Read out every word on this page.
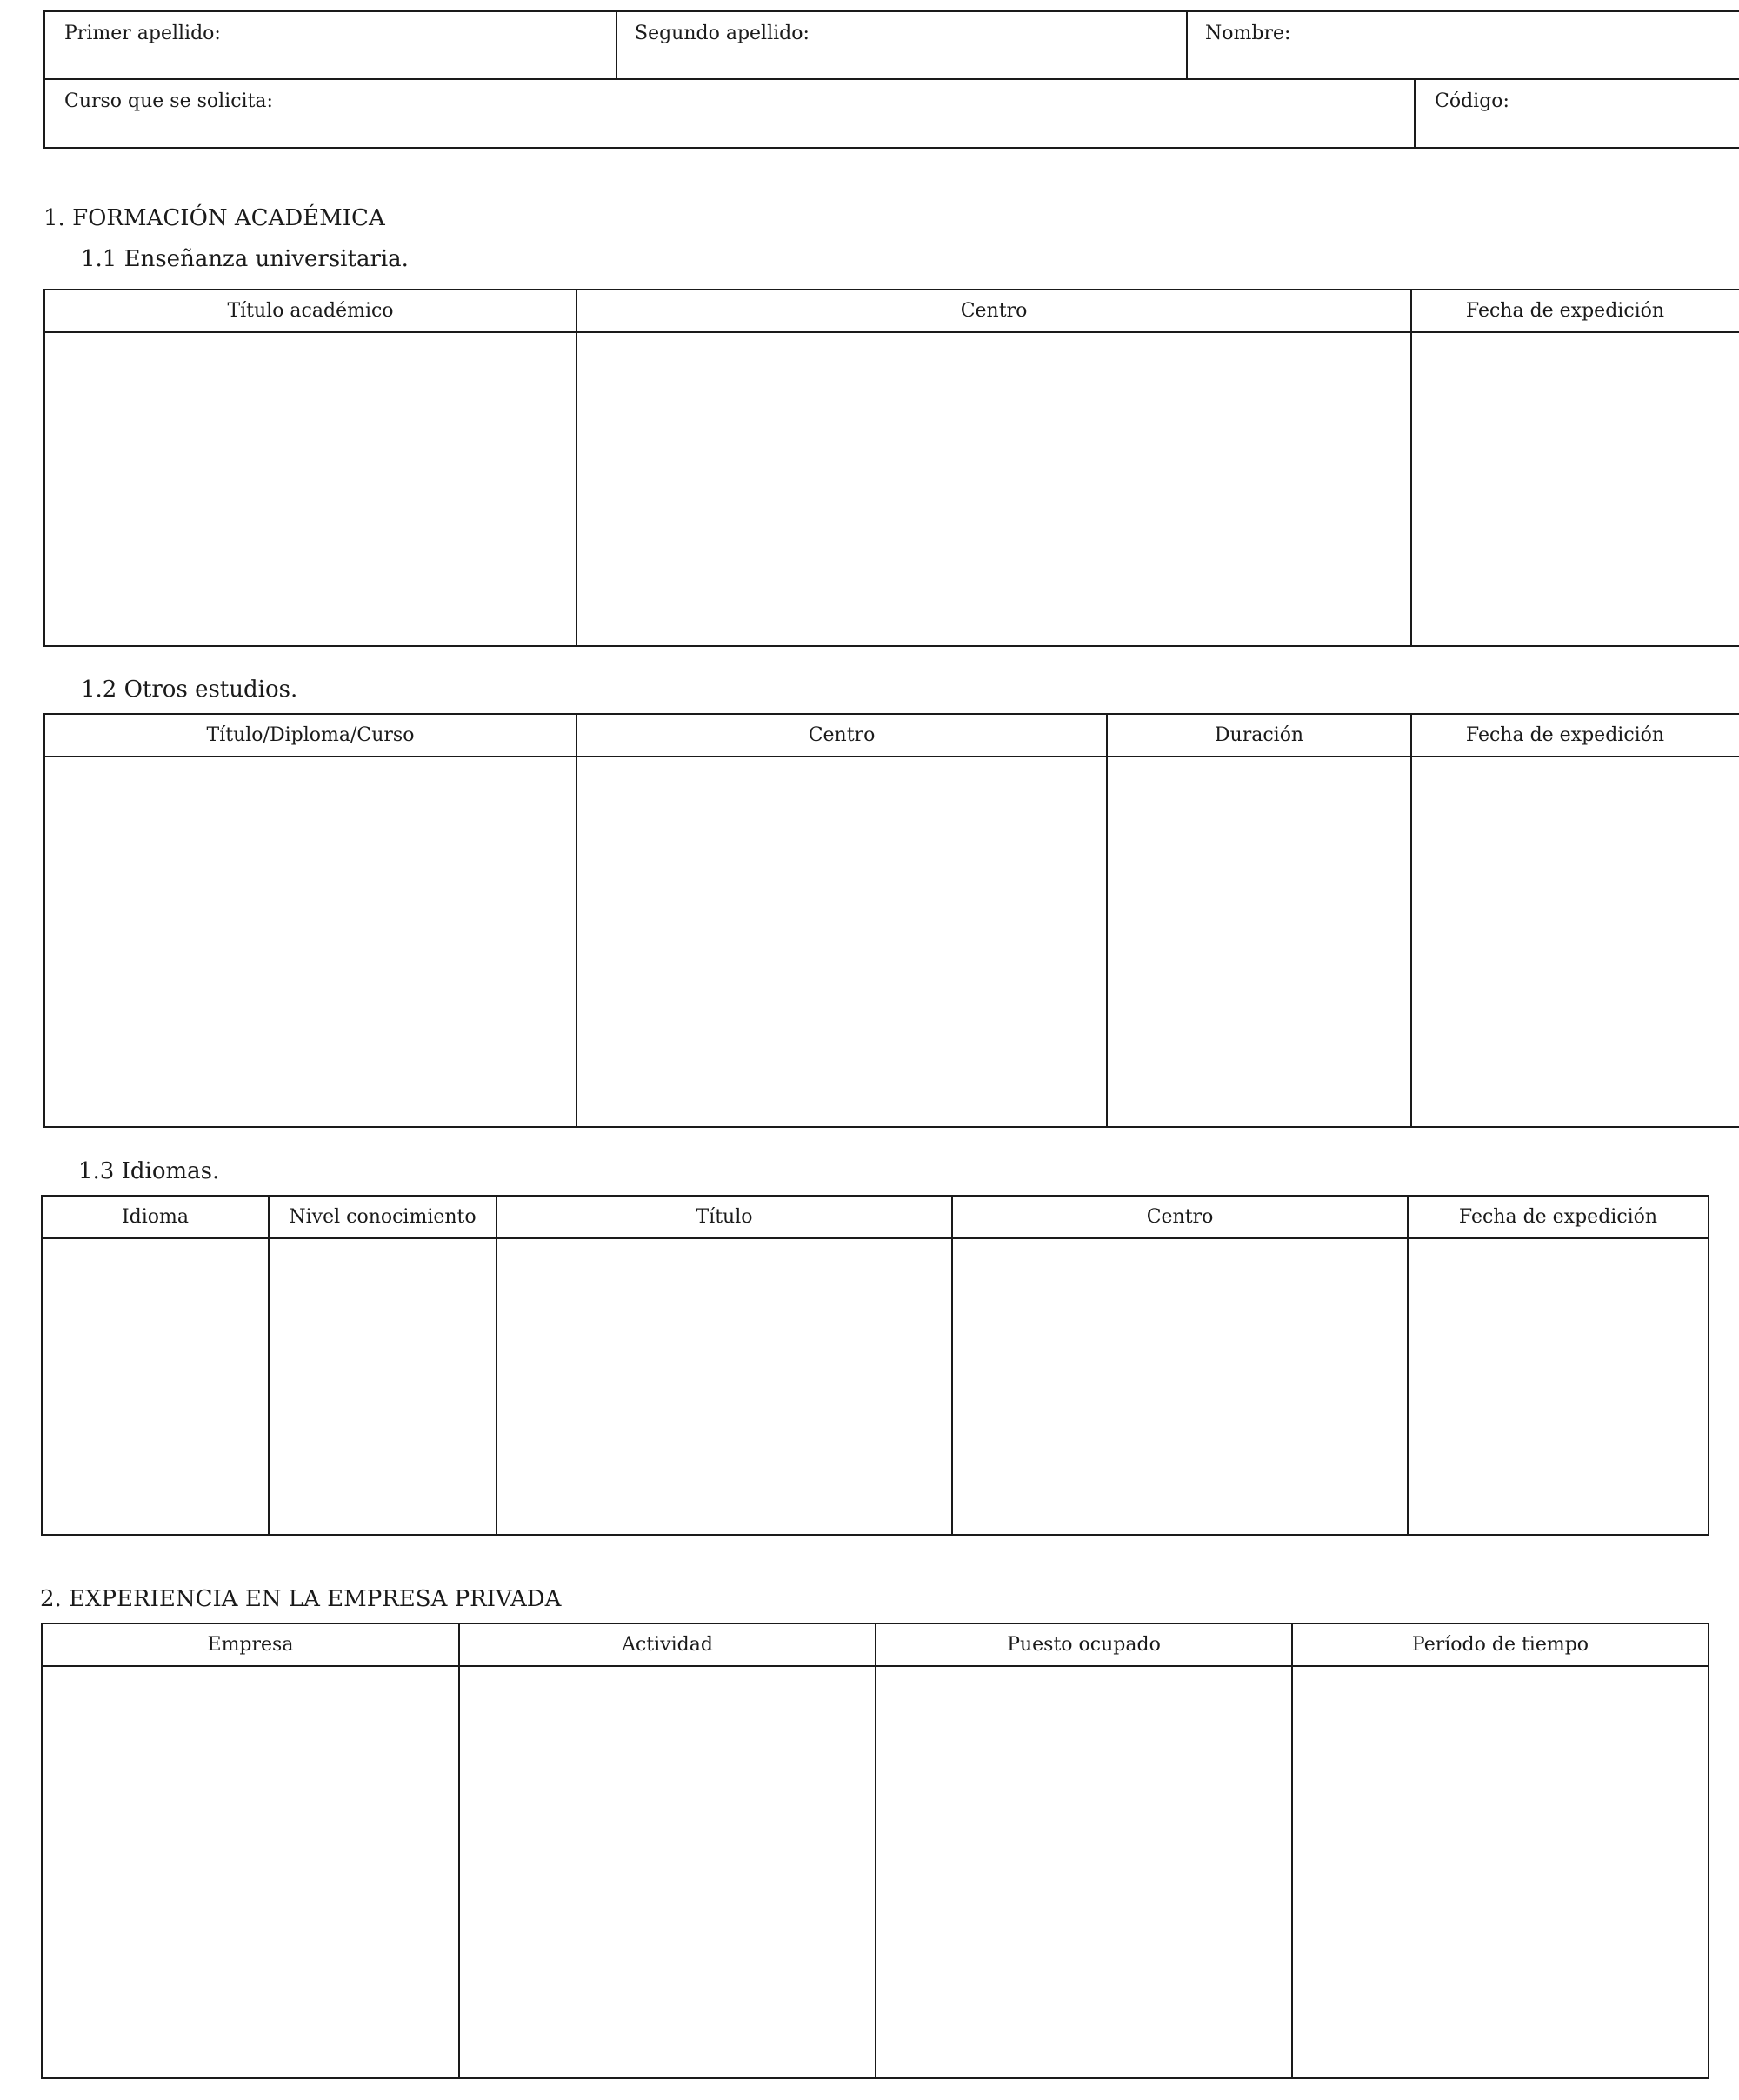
Primer apellido:	Segundo apellido:	Nombre:
Curso que se solicita:	Código:
1. FORMACIÓN ACADÉMICA
1.1 Enseñanza universitaria.
Título académico	Centro	Fecha de expedición
1.2 Otros estudios.
Título/Diploma/Curso	Centro	Duración	Fecha de expedición
1.3 Idiomas.
Idioma	Nivel conocimiento	Título	Centro	Fecha de expedición
2. EXPERIENCIA EN LA EMPRESA PRIVADA
Empresa	Actividad	Puesto ocupado	Período de tiempo
